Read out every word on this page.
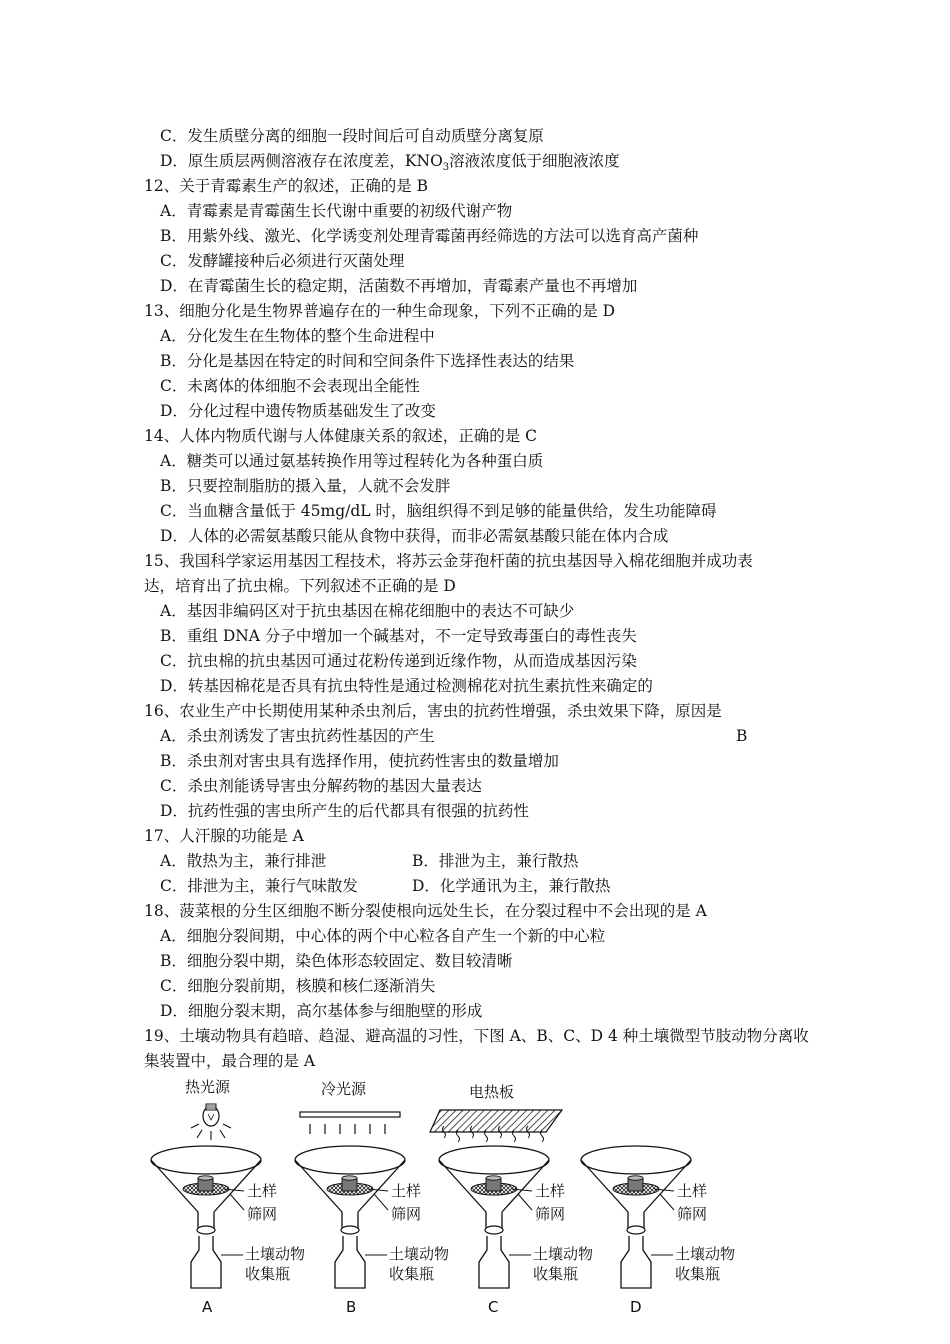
C．发生质壁分离的细胞一段时间后可自动质壁分离复原
D．原生质层两侧溶液存在浓度差，$KNO_3$溶液浓度低于细胞液浓度
12、关于青霉素生产的叙述，正确的是 B
A．青霉素是青霉菌生长代谢中重要的初级代谢产物
B．用紫外线、激光、化学诱变剂处理青霉菌再经筛选的方法可以选育高产菌种
C．发酵罐接种后必须进行灭菌处理
D．在青霉菌生长的稳定期，活菌数不再增加，青霉素产量也不再增加
13、细胞分化是生物界普遍存在的一种生命现象，下列不正确的是 D
A．分化发生在生物体的整个生命进程中
B．分化是基因在特定的时间和空间条件下选择性表达的结果
C．未离体的体细胞不会表现出全能性
D．分化过程中遗传物质基础发生了改变
14、人体内物质代谢与人体健康关系的叙述，正确的是 C
A．糖类可以通过氨基转换作用等过程转化为各种蛋白质
B．只要控制脂肪的摄入量，人就不会发胖
C．当血糖含量低于 45mg/dL 时，脑组织得不到足够的能量供给，发生功能障碍
D．人体的必需氨基酸只能从食物中获得，而非必需氨基酸只能在体内合成
15、我国科学家运用基因工程技术，将苏云金芽孢杆菌的抗虫基因导入棉花细胞并成功表
达，培育出了抗虫棉。下列叙述不正确的是 D
A．基因非编码区对于抗虫基因在棉花细胞中的表达不可缺少
B．重组 DNA 分子中增加一个碱基对，不一定导致毒蛋白的毒性丧失
C．抗虫棉的抗虫基因可通过花粉传递到近缘作物，从而造成基因污染
D．转基因棉花是否具有抗虫特性是通过检测棉花对抗生素抗性来确定的
16、农业生产中长期使用某种杀虫剂后，害虫的抗药性增强，杀虫效果下降，原因是
A．杀虫剂诱发了害虫抗药性基因的产生	B
B．杀虫剂对害虫具有选择作用，使抗药性害虫的数量增加
C．杀虫剂能诱导害虫分解药物的基因大量表达
D．抗药性强的害虫所产生的后代都具有很强的抗药性
17、人汗腺的功能是 A
A．散热为主，兼行排泄	B．排泄为主，兼行散热
C．排泄为主，兼行气味散发	D．化学通讯为主，兼行散热
18、菠菜根的分生区细胞不断分裂使根向远处生长，在分裂过程中不会出现的是 A
A．细胞分裂间期，中心体的两个中心粒各自产生一个新的中心粒
B．细胞分裂中期，染色体形态较固定、数目较清晰
C．细胞分裂前期，核膜和核仁逐渐消失
D．细胞分裂末期，高尔基体参与细胞壁的形成
19、土壤动物具有趋暗、趋湿、避高温的习性，下图 A、B、C、D 4 种土壤微型节肢动物分离收
集装置中，最合理的是 A
热光源	冷光源	电热板
土样
筛网
土壤动物
收集瓶
土样
筛网
土壤动物
收集瓶
土样
筛网
土壤动物
收集瓶
土样
筛网
土壤动物
收集瓶
A	B	C	D
